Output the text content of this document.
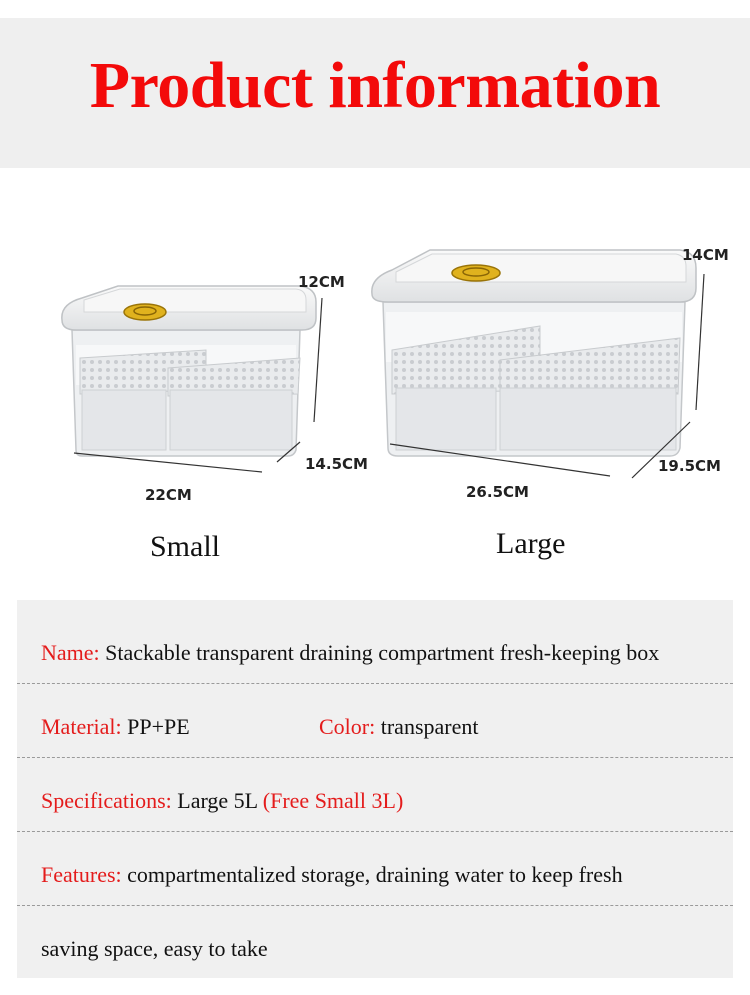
Product information
12CM
14.5CM
22CM
14CM
19.5CM
26.5CM
Small	Large
Name: Stackable transparent draining compartment fresh-keeping box
Material: PP+PE	Color: transparent
Specifications: Large 5L (Free Small 3L)
Features: compartmentalized storage, draining water to keep fresh
saving space, easy to take
